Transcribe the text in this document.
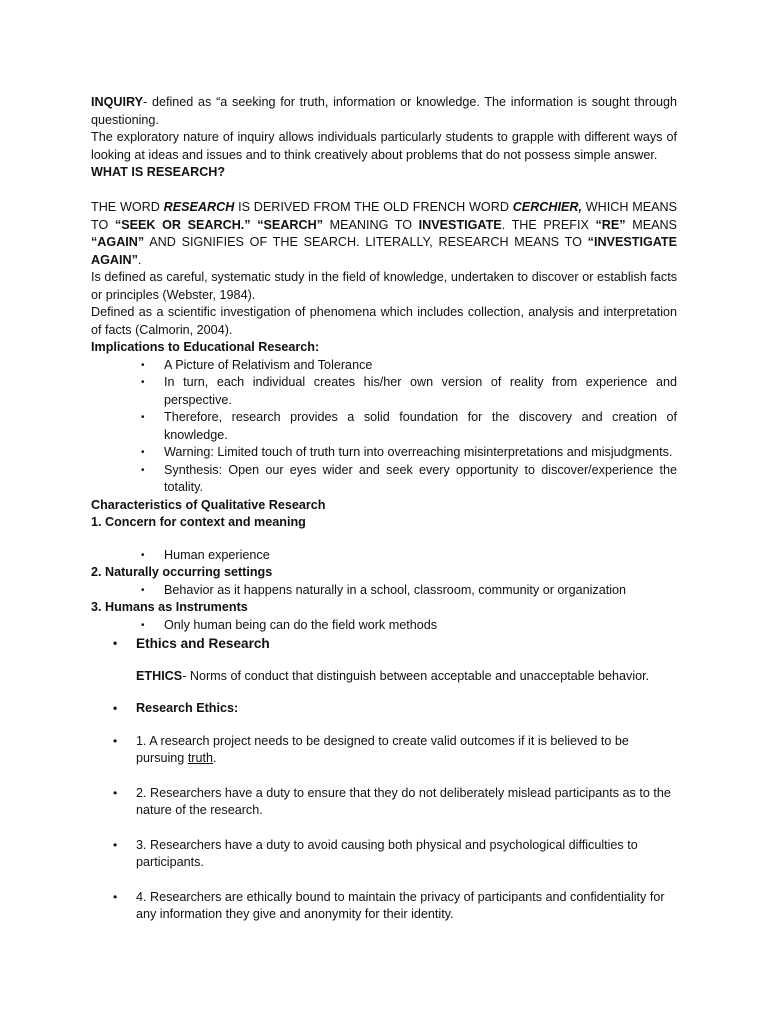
INQUIRY- defined as “a seeking for truth, information or knowledge. The information is sought through questioning.

The exploratory nature of inquiry allows individuals particularly students to grapple with different ways of looking at ideas and issues and to think creatively about problems that do not possess simple answer.

WHAT IS RESEARCH?

THE WORD RESEARCH IS DERIVED FROM THE OLD FRENCH WORD CERCHIER, WHICH MEANS TO “SEEK OR SEARCH.” “SEARCH” MEANING TO INVESTIGATE. THE PREFIX “RE” MEANS “AGAIN” AND SIGNIFIES OF THE SEARCH. LITERALLY, RESEARCH MEANS TO “INVESTIGATE AGAIN”.

Is defined as careful, systematic study in the field of knowledge, undertaken to discover or establish facts or principles (Webster, 1984).

Defined as a scientific investigation of phenomena which includes collection, analysis and interpretation of facts (Calmorin, 2004).

Implications to Educational Research:

• A Picture of Relativism and Tolerance
• In turn, each individual creates his/her own version of reality from experience and perspective.
• Therefore, research provides a solid foundation for the discovery and creation of knowledge.
• Warning: Limited touch of truth turn into overreaching misinterpretations and misjudgments.
• Synthesis: Open our eyes wider and seek every opportunity to discover/experience the totality.

Characteristics of Qualitative Research

1. Concern for context and meaning

• Human experience

2. Naturally occurring settings

• Behavior as it happens naturally in a school, classroom, community or organization

3. Humans as Instruments

• Only human being can do the field work methods

• Ethics and Research

ETHICS- Norms of conduct that distinguish between acceptable and unacceptable behavior.

• Research Ethics:

• 1. A research project needs to be designed to create valid outcomes if it is believed to be pursuing truth.

• 2. Researchers have a duty to ensure that they do not deliberately mislead participants as to the nature of the research.

• 3. Researchers have a duty to avoid causing both physical and psychological difficulties to participants.

• 4. Researchers are ethically bound to maintain the privacy of participants and confidentiality for any information they give and anonymity for their identity.
